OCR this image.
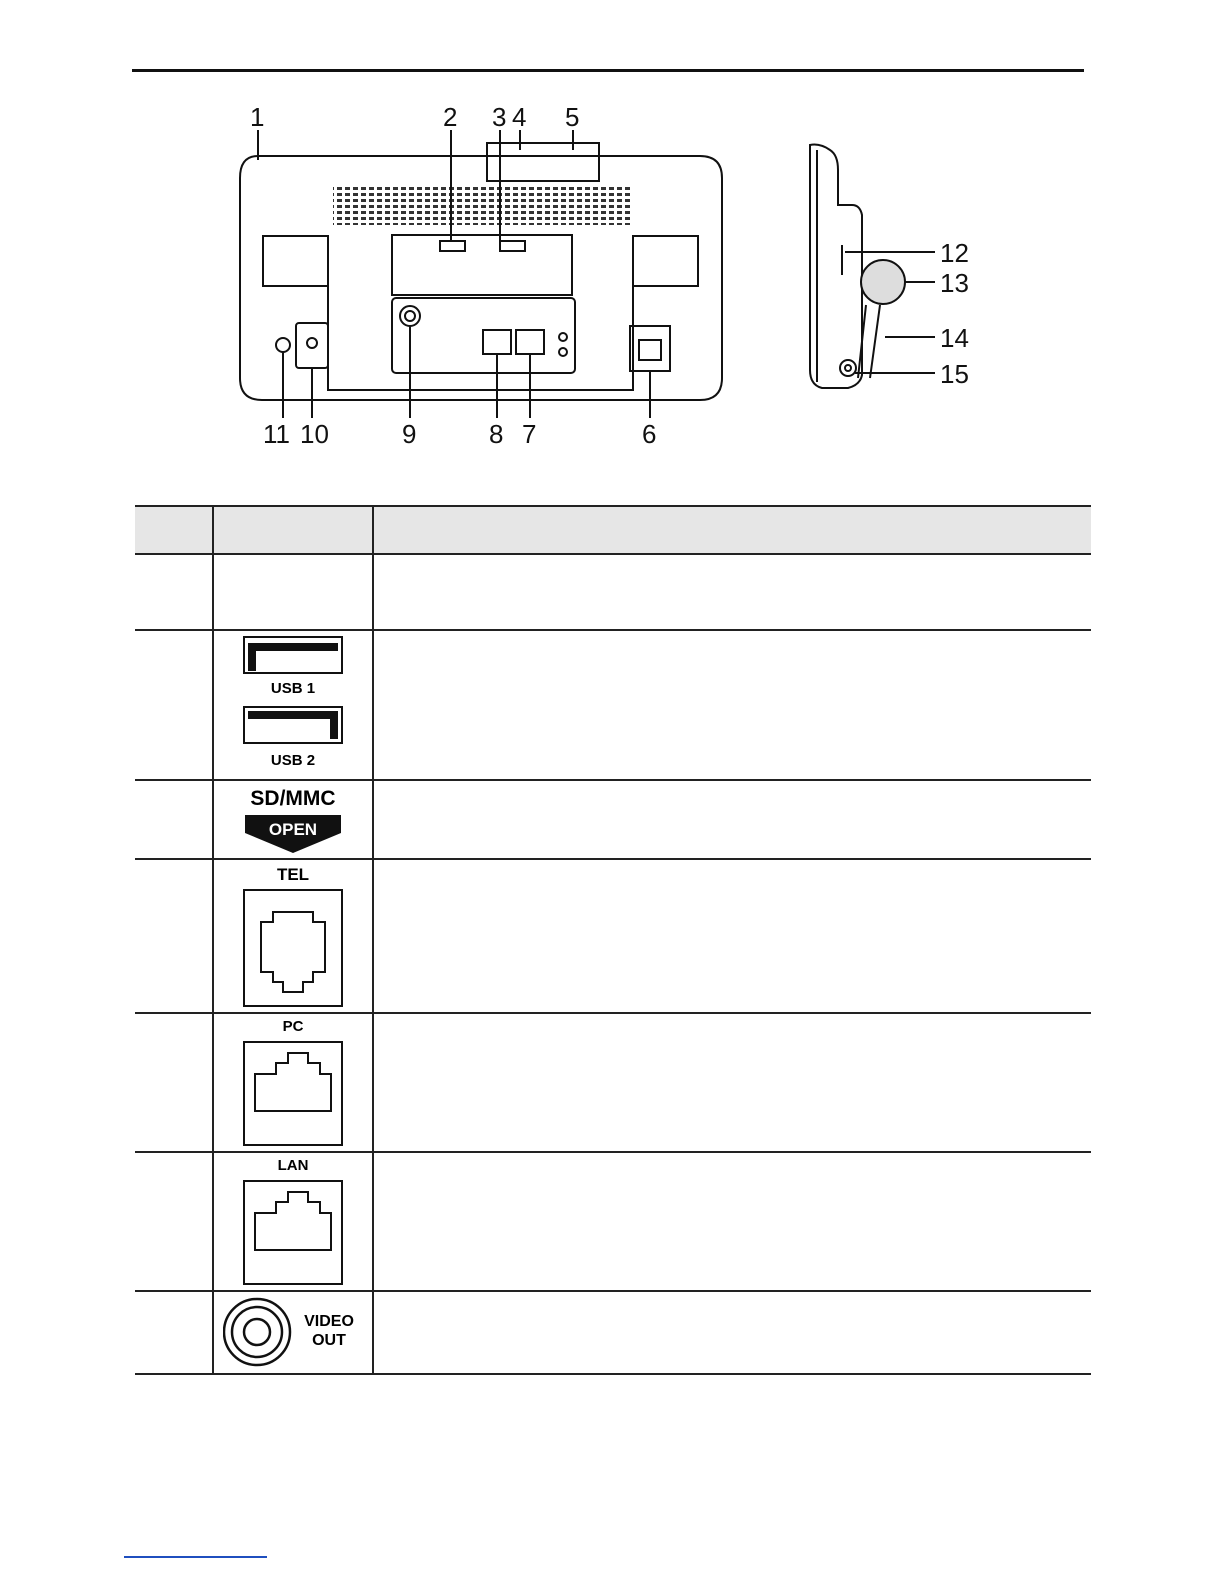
1	2 3 4 5
6
7
8
9
10
11
12
13
14
15

USB 1
USB 2	

SD/MMC
OPEN	

TEL	

PC	

LAN	

VIDEO
OUT	
